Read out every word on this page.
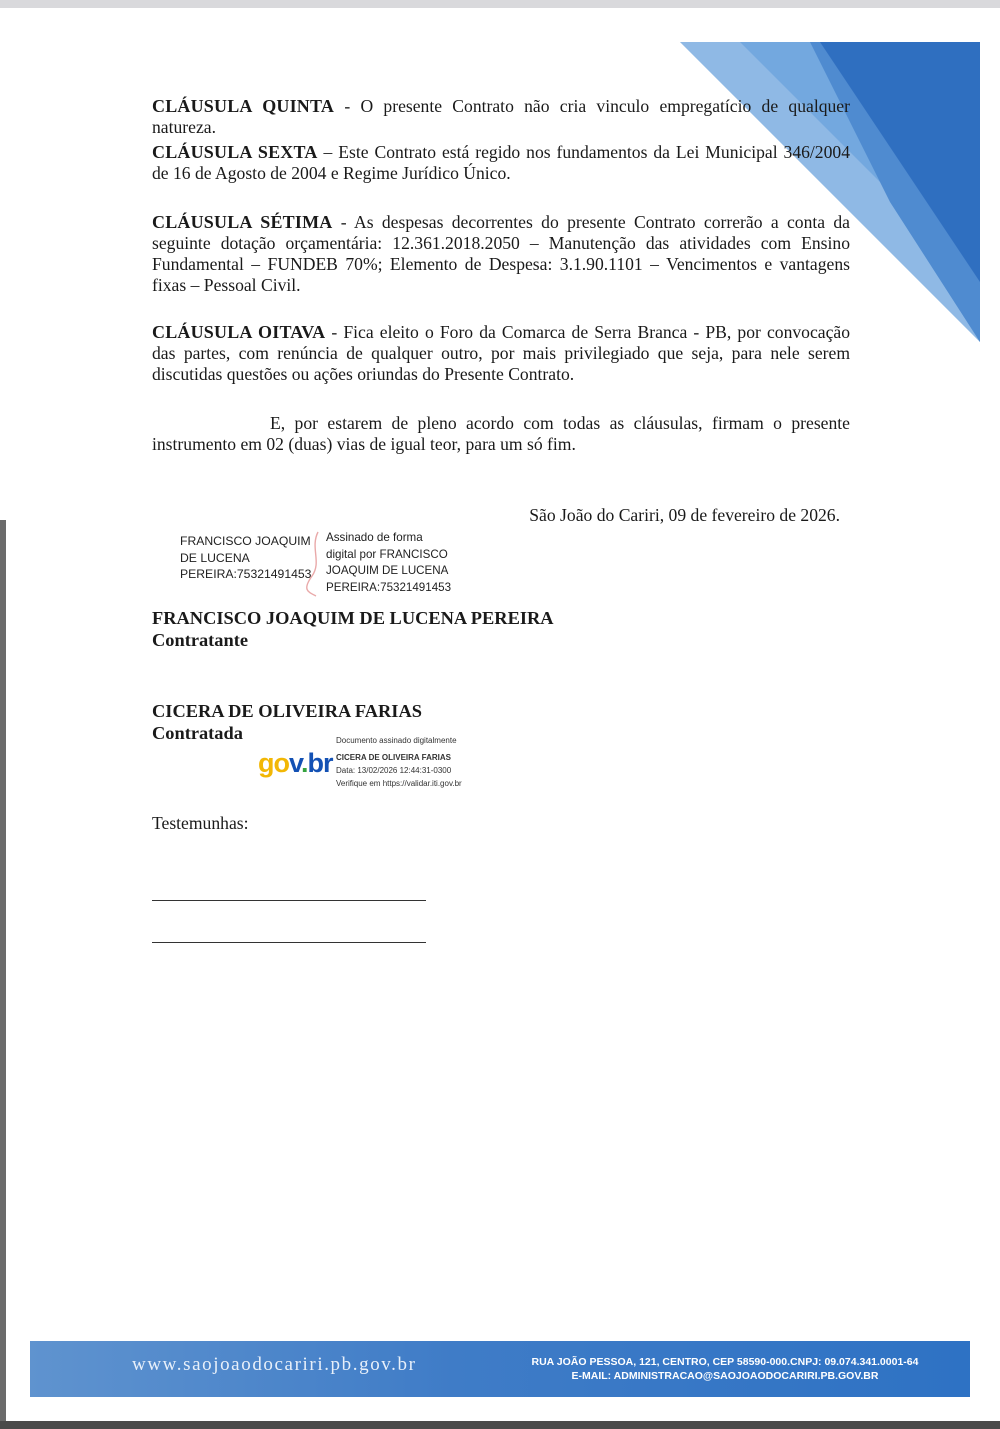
CLÁUSULA QUINTA - O presente Contrato não cria vinculo empregatício de qualquer natureza.
CLÁUSULA SEXTA – Este Contrato está regido nos fundamentos da Lei Municipal 346/2004 de 16 de Agosto de 2004 e Regime Jurídico Único.
CLÁUSULA SÉTIMA - As despesas decorrentes do presente Contrato correrão a conta da seguinte dotação orçamentária: 12.361.2018.2050 – Manutenção das atividades com Ensino Fundamental – FUNDEB 70%; Elemento de Despesa: 3.1.90.1101 – Vencimentos e vantagens fixas – Pessoal Civil.
CLÁUSULA OITAVA - Fica eleito o Foro da Comarca de Serra Branca - PB, por convocação das partes, com renúncia de qualquer outro, por mais privilegiado que seja, para nele serem discutidas questões ou ações oriundas do Presente Contrato.
E, por estarem de pleno acordo com todas as cláusulas, firmam o presente instrumento em 02 (duas) vias de igual teor, para um só fim.
São João do Cariri, 09 de fevereiro de 2026.
FRANCISCO JOAQUIM
DE LUCENA
PEREIRA:75321491453
Assinado de forma
digital por FRANCISCO
JOAQUIM DE LUCENA
PEREIRA:75321491453
FRANCISCO JOAQUIM DE LUCENA PEREIRA
Contratante
CICERA DE OLIVEIRA FARIAS
Contratada
gov.br
Documento assinado digitalmente
CICERA DE OLIVEIRA FARIAS
Data: 13/02/2026 12:44:31-0300
Verifique em https://validar.iti.gov.br
Testemunhas:
www.saojoaodocariri.pb.gov.br	RUA JOÃO PESSOA, 121, CENTRO, CEP 58590-000.CNPJ: 09.074.341.0001-64
E-MAIL: ADMINISTRACAO@SAOJOAODOCARIRI.PB.GOV.BR
